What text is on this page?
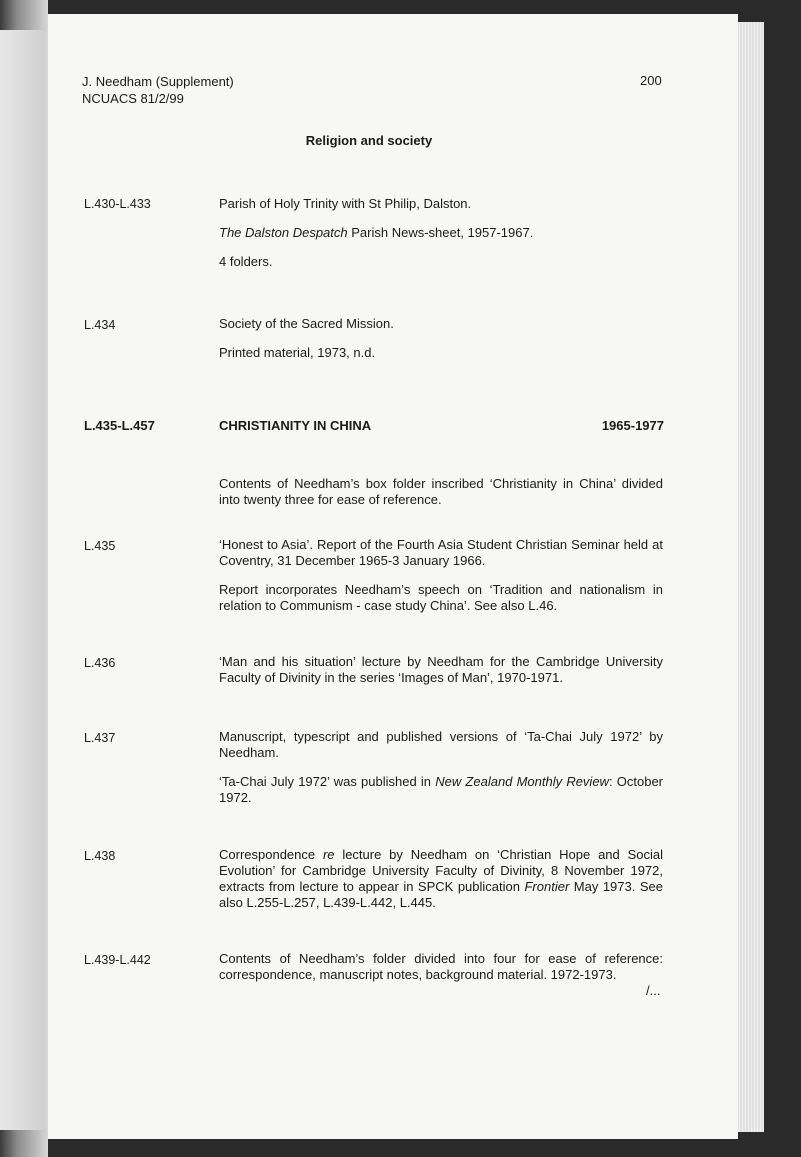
J. Needham (Supplement)
NCUACS 81/2/99
200
Religion and society
L.430-L.433	Parish of Holy Trinity with St Philip, Dalston.

The Dalston Despatch Parish News-sheet, 1957-1967.

4 folders.

L.434	Society of the Sacred Mission.

Printed material, 1973, n.d.

L.435-L.457	CHRISTIANITY IN CHINA	1965-1977

Contents of Needham’s box folder inscribed ‘Christianity in China’ divided into twenty three for ease of reference.

L.435	‘Honest to Asia’. Report of the Fourth Asia Student Christian Seminar held at Coventry, 31 December 1965-3 January 1966.

Report incorporates Needham’s speech on ‘Tradition and nationalism in relation to Communism - case study China’. See also L.46.

L.436	‘Man and his situation’ lecture by Needham for the Cambridge University Faculty of Divinity in the series ‘Images of Man’, 1970-1971.

L.437	Manuscript, typescript and published versions of ‘Ta-Chai July 1972’ by Needham.

‘Ta-Chai July 1972’ was published in New Zealand Monthly Review: October 1972.

L.438	Correspondence re lecture by Needham on ‘Christian Hope and Social Evolution’ for Cambridge University Faculty of Divinity, 8 November 1972, extracts from lecture to appear in SPCK publication Frontier May 1973. See also L.255-L.257, L.439-L.442, L.445.

L.439-L.442	Contents of Needham’s folder divided into four for ease of reference: correspondence, manuscript notes, background material. 1972-1973.

/...
